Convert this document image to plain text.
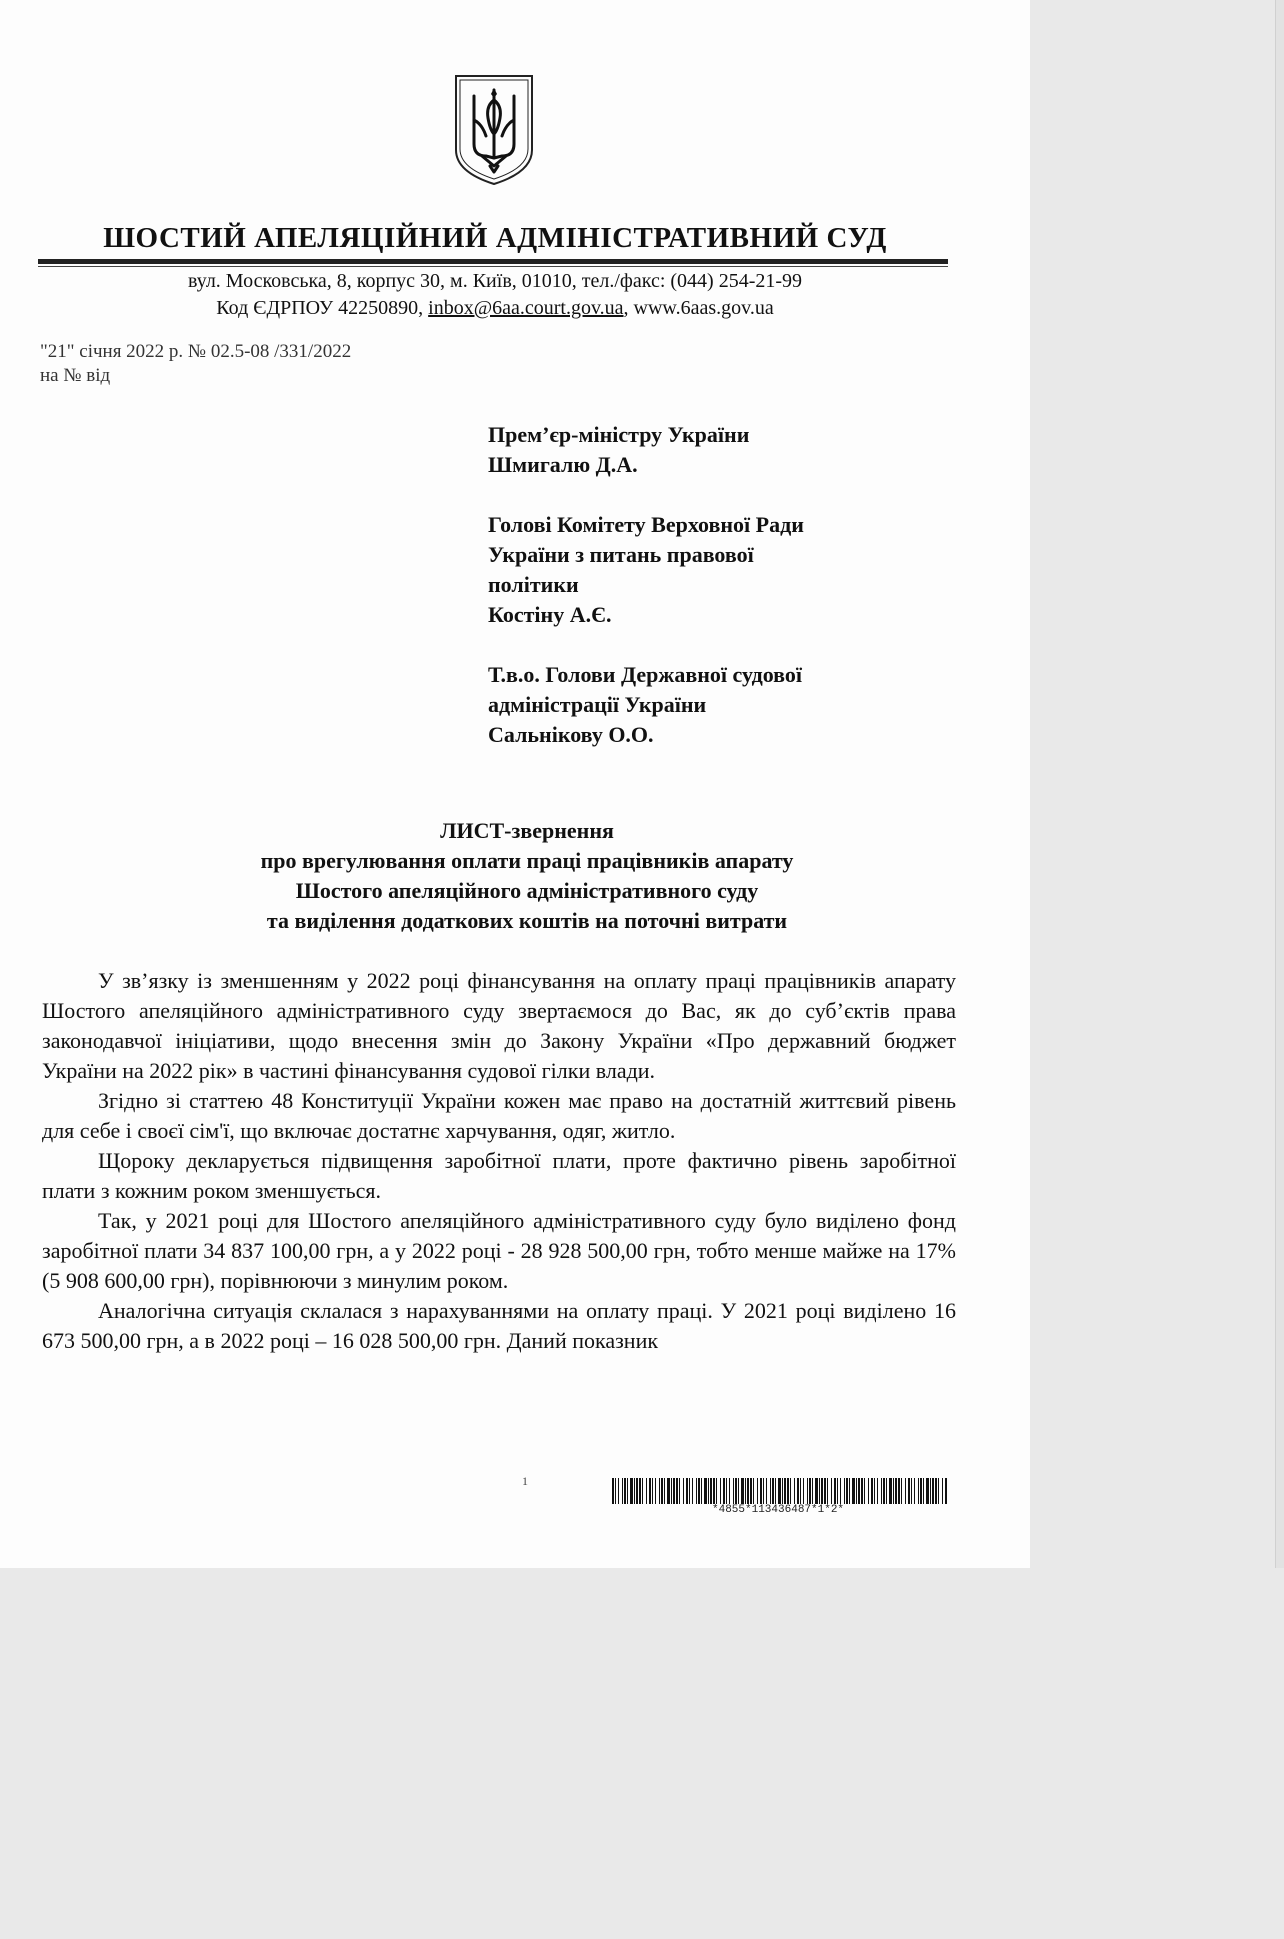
ШОСТИЙ АПЕЛЯЦІЙНИЙ АДМІНІСТРАТИВНИЙ СУД
вул. Московська, 8, корпус 30, м. Київ, 01010, тел./факс: (044) 254-21-99
Код ЄДРПОУ 42250890, inbox@6aa.court.gov.ua, www.6aas.gov.ua
"21" січня 2022 р. № 02.5-08 /331/2022
на № від
Прем’єр-міністру України
Шмигалю Д.А.
Голові Комітету Верховної Ради
України з питань правової
політики
Костіну А.Є.
Т.в.о. Голови Державної судової
адміністрації України
Сальнікову О.О.
ЛИСТ-звернення
про врегулювання оплати праці працівників апарату
Шостого апеляційного адміністративного суду
та виділення додаткових коштів на поточні витрати

У зв’язку із зменшенням у 2022 році фінансування на оплату праці працівників апарату Шостого апеляційного адміністративного суду звертаємося до Вас, як до суб’єктів права законодавчої ініціативи, щодо внесення змін до Закону України «Про державний бюджет України на 2022 рік» в частині фінансування судової гілки влади.

Згідно зі статтею 48 Конституції України кожен має право на достатній життєвий рівень для себе і своєї сім'ї, що включає достатнє харчування, одяг, житло.

Щороку декларується підвищення заробітної плати, проте фактично рівень заробітної плати з кожним роком зменшується.

Так, у 2021 році для Шостого апеляційного адміністративного суду було виділено фонд заробітної плати 34 837 100,00 грн, а у 2022 році - 28 928 500,00 грн, тобто менше майже на 17% (5 908 600,00 грн), порівнюючи з минулим роком.

Аналогічна ситуація склалася з нарахуваннями на оплату праці. У 2021 році виділено 16 673 500,00 грн, а в 2022 році – 16 028 500,00 грн. Даний показник

1
*4855*113436487*1*2*
